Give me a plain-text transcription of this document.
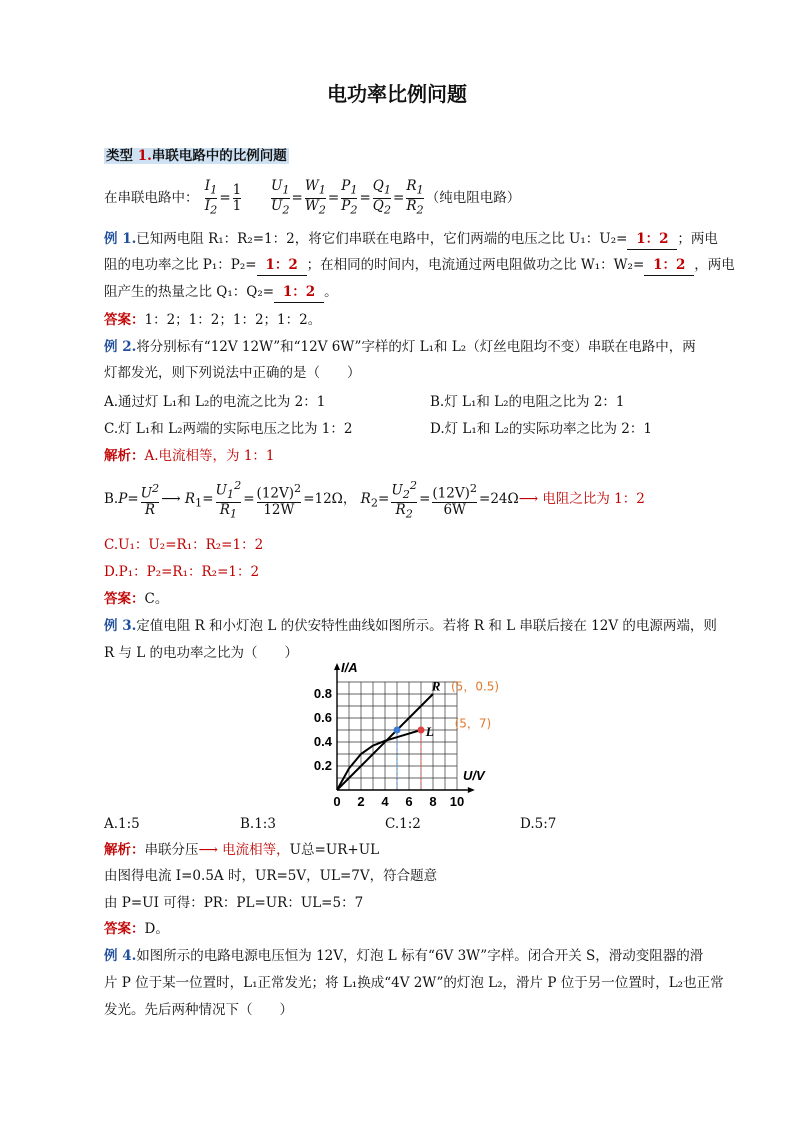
电功率比例问题
类型 1.串联电路中的比例问题
在串联电路中： $\frac{I_1}{I_2} = \frac{1}{1}$
$\frac{U_1}{U_2} = \frac{W_1}{W_2} = \frac{P_1}{P_2} = \frac{Q_1}{Q_2} = \frac{R_1}{R_2}$ （纯电阻电路）
例 1.已知两电阻 R₁：R₂=1：2，将它们串联在电路中，它们两端的电压之比 U₁：U₂= 1：2 ；两电
阻的电功率之比 P₁：P₂= 1：2 ；在相同的时间内，电流通过两电阻做功之比 W₁：W₂= 1：2 ，两电
阻产生的热量之比 Q₁：Q₂= 1：2 。
答案：1：2；1：2；1：2；1：2。
例 2.将分别标有“12V 12W”和“12V 6W”字样的灯 L₁和 L₂（灯丝电阻均不变）串联在电路中，两
灯都发光，则下列说法中正确的是（　　）
A.通过灯 L₁和 L₂的电流之比为 2：1	B.灯 L₁和 L₂的电阻之比为 2：1
C.灯 L₁和 L₂两端的实际电压之比为 1：2	D.灯 L₁和 L₂的实际功率之比为 2：1
解析：A.电流相等，为 1：1
$B.P= \frac{U^2}{R}$ ⟶ $R_1= \frac{U_1^2}{R_1} = \frac{(12V)^2}{12W} =12\Omega$， $R_2= \frac{U_2^2}{R_2} = \frac{(12V)^2}{6W}$ =24Ω⟶ 电阻之比为 1：2
C.U₁：U₂=R₁：R₂=1：2
D.P₁：P₂=R₁：R₂=1：2
答案：C。
例 3.定值电阻 R 和小灯泡 L 的伏安特性曲线如图所示。若将 R 和 L 串联后接在 12V 的电源两端，则
R 与 L 的电功率之比为（　　）
0 2 4 6 8 10
0.2
0.4
0.6
0.8
I/A
U/V
R
L
(5，0.5)
(5，7)
A.1:5	B.1:3	C.1:2	D.5:7
解析：串联分压⟶ 电流相等，U总=UR+UL
由图得电流 I=0.5A 时，UR=5V，UL=7V，符合题意
由 P=UI 可得：PR：PL=UR：UL=5：7
答案：D。
例 4.如图所示的电路电源电压恒为 12V，灯泡 L 标有“6V 3W”字样。闭合开关 S，滑动变阻器的滑
片 P 位于某一位置时，L₁正常发光；将 L₁换成“4V 2W”的灯泡 L₂，滑片 P 位于另一位置时，L₂也正常
发光。先后两种情况下（　　）
